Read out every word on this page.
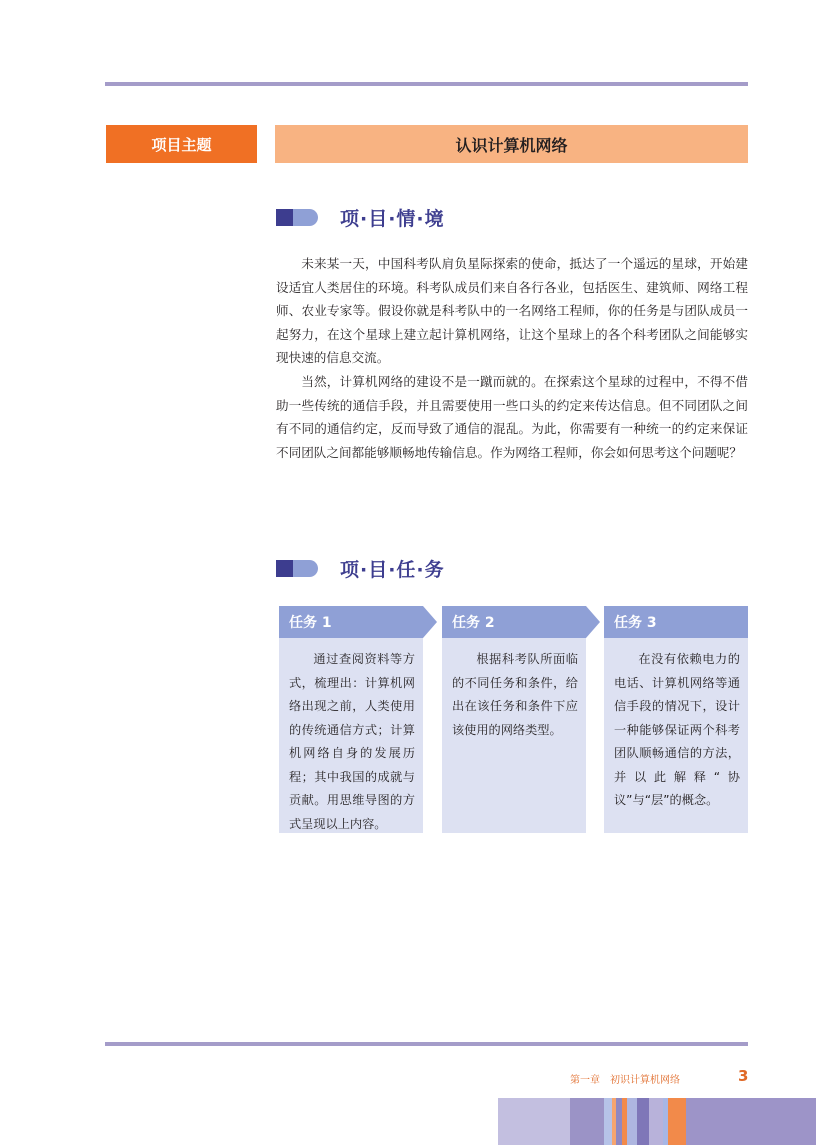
项目主题	认识计算机网络
项·目·情·境

未来某一天，中国科考队肩负星际探索的使命，抵达了一个遥远的星球，开始建设适宜人类居住的环境。科考队成员们来自各行各业，包括医生、建筑师、网络工程师、农业专家等。假设你就是科考队中的一名网络工程师，你的任务是与团队成员一起努力，在这个星球上建立起计算机网络，让这个星球上的各个科考团队之间能够实现快速的信息交流。

当然，计算机网络的建设不是一蹴而就的。在探索这个星球的过程中，不得不借助一些传统的通信手段，并且需要使用一些口头的约定来传达信息。但不同团队之间有不同的通信约定，反而导致了通信的混乱。为此，你需要有一种统一的约定来保证不同团队之间都能够顺畅地传输信息。作为网络工程师，你会如何思考这个问题呢？

项·目·任·务
任务 1

通过查阅资料等方式，梳理出：计算机网络出现之前，人类使用的传统通信方式；计算机网络自身的发展历程；其中我国的成就与贡献。用思维导图的方式呈现以上内容。

任务 2

根据科考队所面临的不同任务和条件，给出在该任务和条件下应该使用的网络类型。

任务 3

在没有依赖电力的电话、计算机网络等通信手段的情况下，设计一种能够保证两个科考团队顺畅通信的方法，并以此解释“协议”与“层”的概念。

第一章 初识计算机网络	3
